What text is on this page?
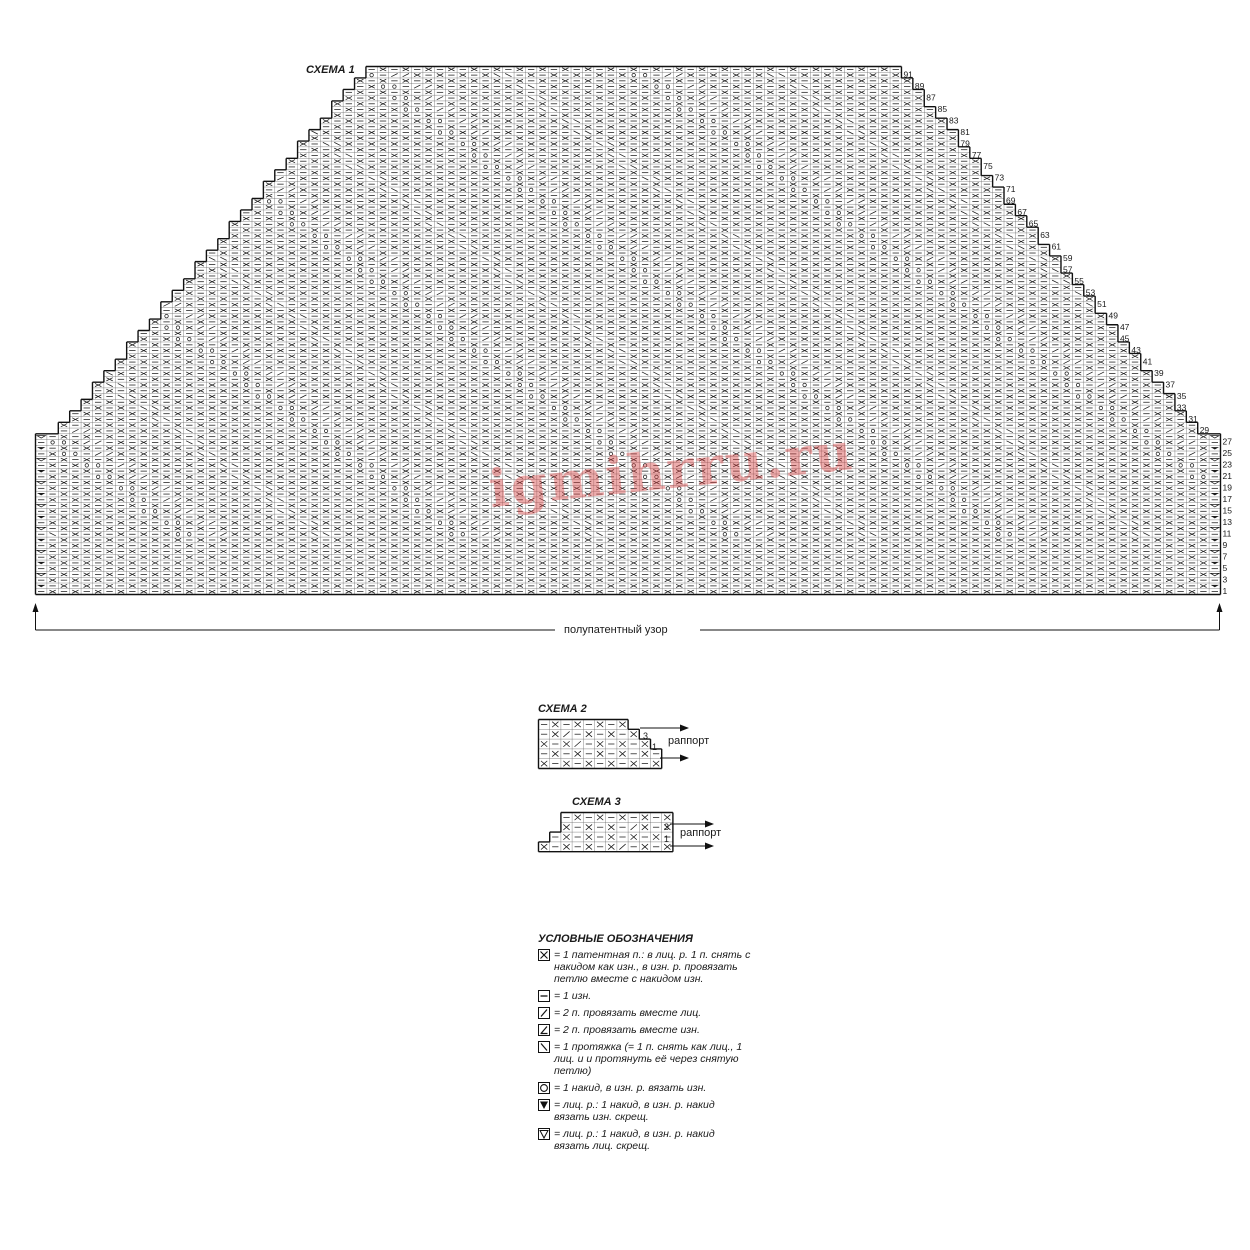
СХЕМА 1	91
89
87
85
83
81
79
77
75
73
71
69
67
65
63
61
59
57
55
53
51
49
47
45
43
41
39
37
35
33
31
29
27
25
23
21
19
17
15
13
11
9
7
5
3
1
полупатентный узор
igmihrru.ru
СХЕМА 2
3
1 раппорт
СХЕМА 3
3
1 раппорт
УСЛОВНЫЕ ОБОЗНАЧЕНИЯ
= 1 патентная п.: в лиц. р. 1 п. снять с накидом как изн., в изн. р. провязать петлю вместе с накидом изн.
= 1 изн.
= 2 п. провязать вместе лиц.
= 2 п. провязать вместе изн.
= 1 протяжка (= 1 п. снять как лиц., 1 лиц. и и протянуть её через снятую петлю)
= 1 накид, в изн. р. вязать изн.
= лиц. р.: 1 накид, в изн. р. накид вязать изн. скрещ.
= лиц. р.: 1 накид, в изн. р. накид вязать лиц. скрещ.
